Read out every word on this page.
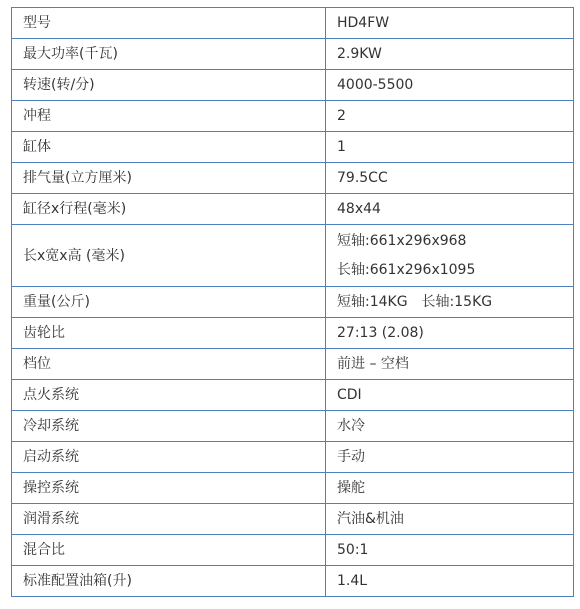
型号	HD4FW
最大功率(千瓦)	2.9KW
转速(转/分)	4000-5500
冲程	2
缸体	1
排气量(立方厘米)	79.5CC
缸径x行程(毫米)	48x44
长x宽x高 (毫米)	短轴:661x296x968
长轴:661x296x1095

重量(公斤)	短轴:14KG　长轴:15KG
齿轮比	27:13 (2.08)
档位	前进 – 空档
点火系统	CDI
冷却系统	水冷
启动系统	手动
操控系统	操舵
润滑系统	汽油&机油
混合比	50:1
标准配置油箱(升)	1.4L
